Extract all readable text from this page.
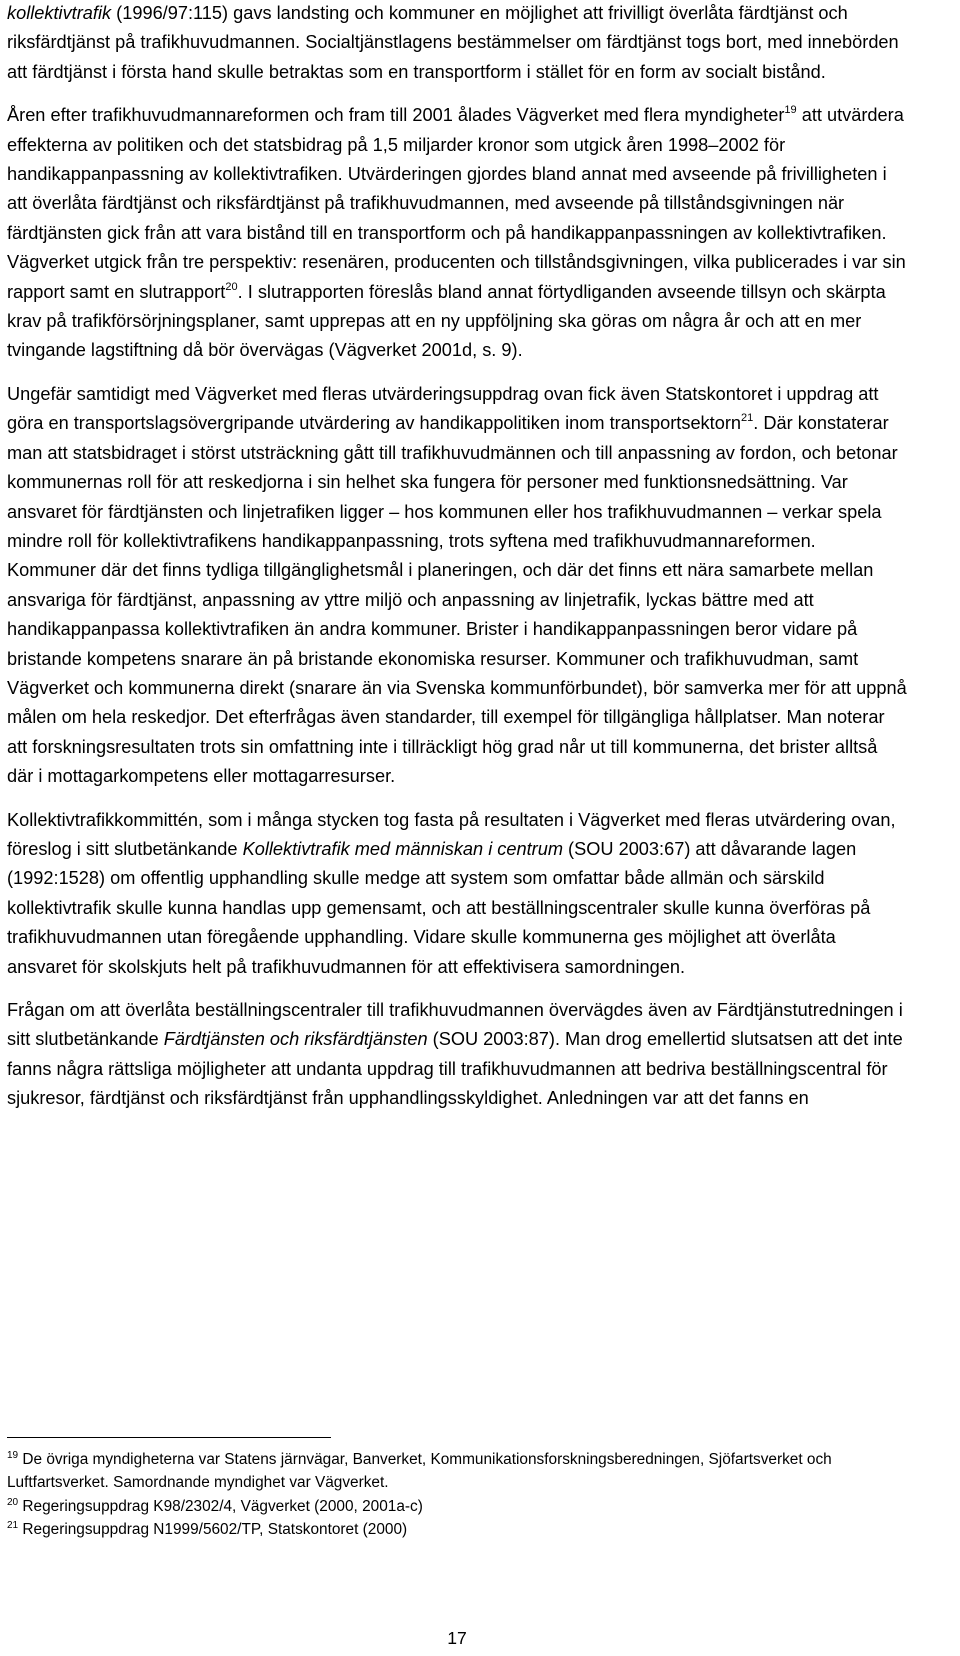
kollektivtrafik (1996/97:115) gavs landsting och kommuner en möjlighet att frivilligt överlåta färdtjänst och riksfärdtjänst på trafikhuvudmannen. Socialtjänstlagens bestämmelser om färdtjänst togs bort, med innebörden att färdtjänst i första hand skulle betraktas som en transportform i stället för en form av socialt bistånd.

Åren efter trafikhuvudmannareformen och fram till 2001 ålades Vägverket med flera myndigheter$^{19}$ att utvärdera effekterna av politiken och det statsbidrag på 1,5 miljarder kronor som utgick åren 1998–2002 för handikappanpassning av kollektivtrafiken. Utvärderingen gjordes bland annat med avseende på frivilligheten i att överlåta färdtjänst och riksfärdtjänst på trafikhuvudmannen, med avseende på tillståndsgivningen när färdtjänsten gick från att vara bistånd till en transportform och på handikappanpassningen av kollektivtrafiken. Vägverket utgick från tre perspektiv: resenären, producenten och tillståndsgivningen, vilka publicerades i var sin rapport samt en slutrapport$^{20}$. I slutrapporten föreslås bland annat förtydliganden avseende tillsyn och skärpta krav på trafikförsörjningsplaner, samt upprepas att en ny uppföljning ska göras om några år och att en mer tvingande lagstiftning då bör övervägas (Vägverket 2001d, s. 9).

Ungefär samtidigt med Vägverket med fleras utvärderingsuppdrag ovan fick även Statskontoret i uppdrag att göra en transportslagsövergripande utvärdering av handikappolitiken inom transportsektorn$^{21}$. Där konstaterar man att statsbidraget i störst utsträckning gått till trafikhuvudmännen och till anpassning av fordon, och betonar kommunernas roll för att reskedjorna i sin helhet ska fungera för personer med funktionsnedsättning. Var ansvaret för färdtjänsten och linjetrafiken ligger – hos kommunen eller hos trafikhuvudmannen – verkar spela mindre roll för kollektivtrafikens handikappanpassning, trots syftena med trafikhuvudmannareformen. Kommuner där det finns tydliga tillgänglighetsmål i planeringen, och där det finns ett nära samarbete mellan ansvariga för färdtjänst, anpassning av yttre miljö och anpassning av linjetrafik, lyckas bättre med att handikappanpassa kollektivtrafiken än andra kommuner. Brister i handikappanpassningen beror vidare på bristande kompetens snarare än på bristande ekonomiska resurser. Kommuner och trafikhuvudman, samt Vägverket och kommunerna direkt (snarare än via Svenska kommunförbundet), bör samverka mer för att uppnå målen om hela reskedjor. Det efterfrågas även standarder, till exempel för tillgängliga hållplatser. Man noterar att forskningsresultaten trots sin omfattning inte i tillräckligt hög grad når ut till kommunerna, det brister alltså där i mottagarkompetens eller mottagarresurser.

Kollektivtrafikkommittén, som i många stycken tog fasta på resultaten i Vägverket med fleras utvärdering ovan, föreslog i sitt slutbetänkande Kollektivtrafik med människan i centrum (SOU 2003:67) att dåvarande lagen (1992:1528) om offentlig upphandling skulle medge att system som omfattar både allmän och särskild kollektivtrafik skulle kunna handlas upp gemensamt, och att beställningscentraler skulle kunna överföras på trafikhuvudmannen utan föregående upphandling. Vidare skulle kommunerna ges möjlighet att överlåta ansvaret för skolskjuts helt på trafikhuvudmannen för att effektivisera samordningen.

Frågan om att överlåta beställningscentraler till trafikhuvudmannen övervägdes även av Färdtjänstutredningen i sitt slutbetänkande Färdtjänsten och riksfärdtjänsten (SOU 2003:87). Man drog emellertid slutsatsen att det inte fanns några rättsliga möjligheter att undanta uppdrag till trafikhuvudmannen att bedriva beställningscentral för sjukresor, färdtjänst och riksfärdtjänst från upphandlingsskyldighet. Anledningen var att det fanns en

$^{19}$ De övriga myndigheterna var Statens järnvägar, Banverket, Kommunikationsforskningsberedningen, Sjöfartsverket och Luftfartsverket. Samordnande myndighet var Vägverket.

$^{20}$ Regeringsuppdrag K98/2302/4, Vägverket (2000, 2001a-c)

$^{21}$ Regeringsuppdrag N1999/5602/TP, Statskontoret (2000)

17
